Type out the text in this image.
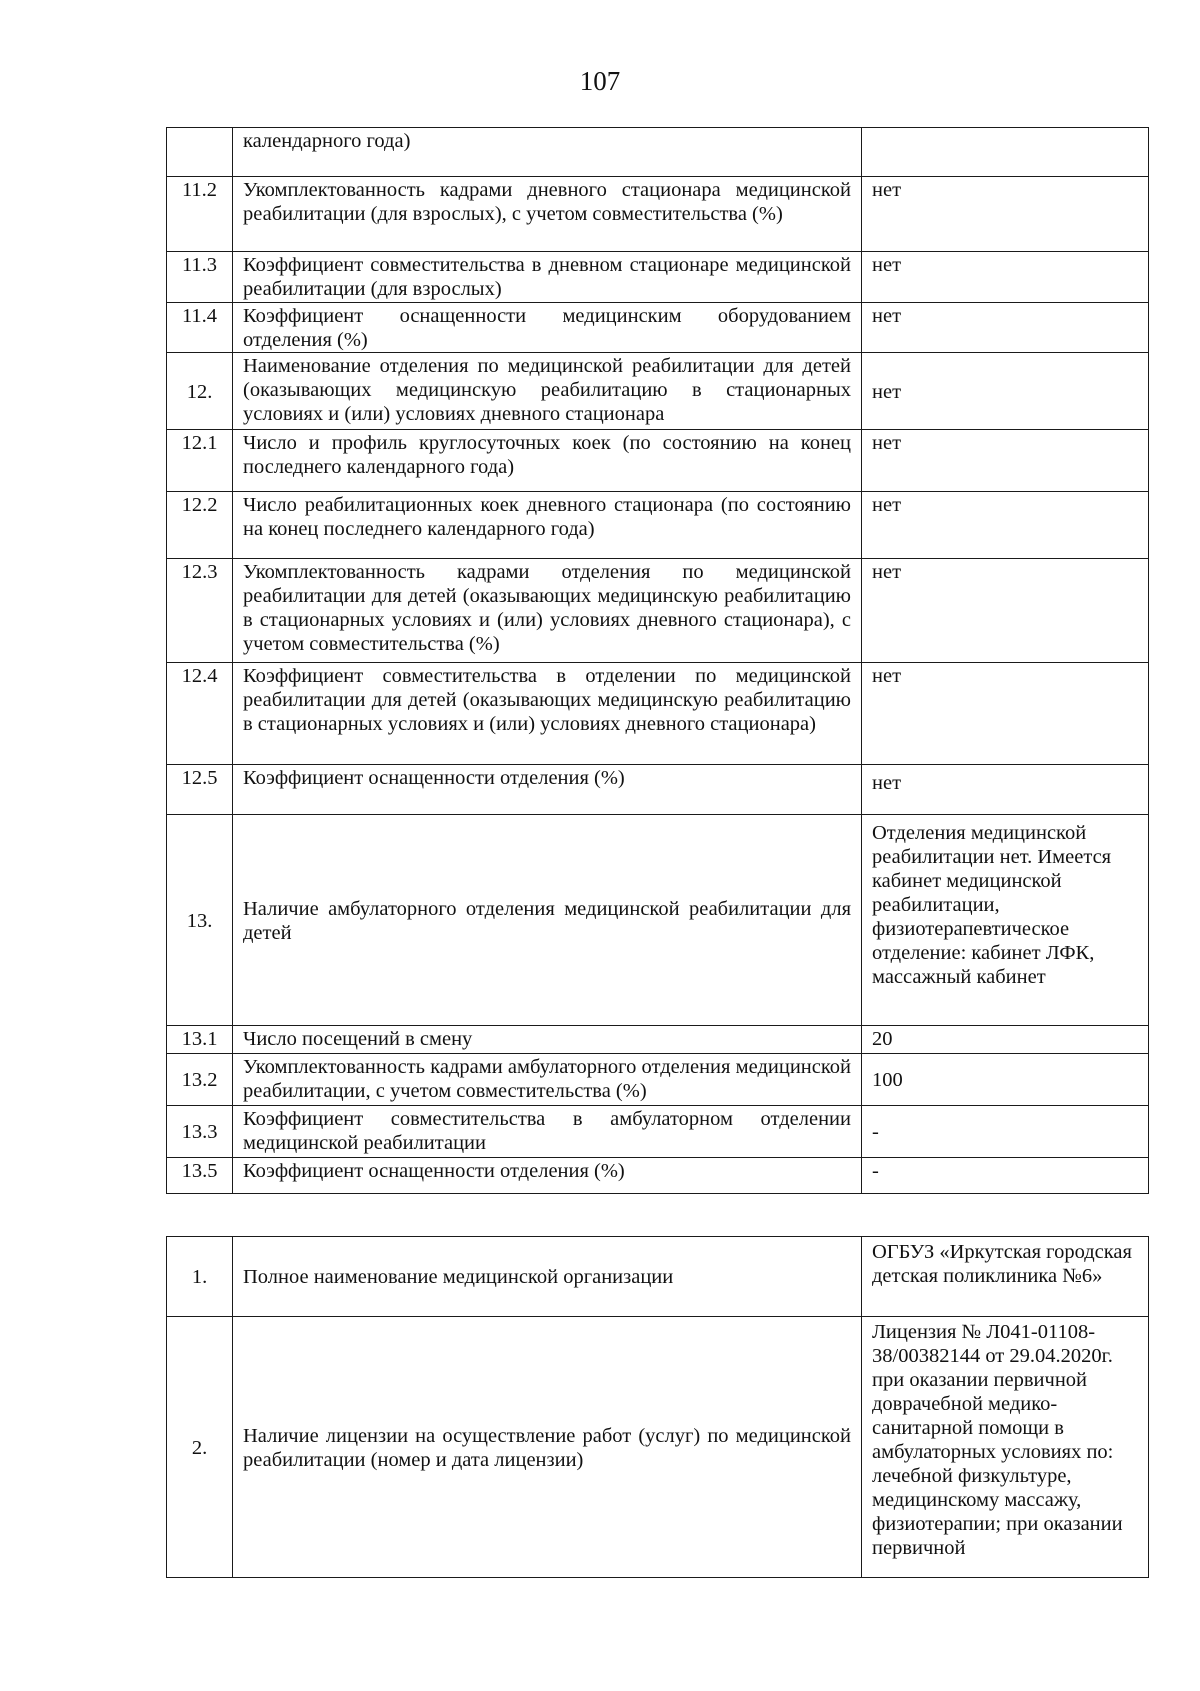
107
	календарного года)	
11.2	Укомплектованность кадрами дневного стационара медицинской реабилитации (для взрослых), с учетом совместительства (%)	нет
11.3	Коэффициент совместительства в дневном стационаре медицинской реабилитации (для взрослых)	нет
11.4	Коэффициент оснащенности медицинским оборудованием отделения (%)	нет
12.	Наименование отделения по медицинской реабилитации для детей (оказывающих медицинскую реабилитацию в стационарных условиях и (или) условиях дневного стационара	нет
12.1	Число и профиль круглосуточных коек (по состоянию на конец последнего календарного года)	нет
12.2	Число реабилитационных коек дневного стационара (по состоянию на конец последнего календарного года)	нет
12.3	Укомплектованность кадрами отделения по медицинской реабилитации для детей (оказывающих медицинскую реабилитацию в стационарных условиях и (или) условиях дневного стационара), с учетом совместительства (%)	нет
12.4	Коэффициент совместительства в отделении по медицинской реабилитации для детей (оказывающих медицинскую реабилитацию в стационарных условиях и (или) условиях дневного стационара)	нет
12.5	Коэффициент оснащенности отделения (%)	нет
13.	Наличие амбулаторного отделения медицинской реабилитации для детей	Отделения медицинской реабилитации нет. Имеется кабинет медицинской реабилитации, физиотерапевтическое отделение: кабинет ЛФК, массажный кабинет
13.1	Число посещений в смену	20
13.2	Укомплектованность кадрами амбулаторного отделения медицинской реабилитации, с учетом совместительства (%)	100
13.3	Коэффициент совместительства в амбулаторном отделении медицинской реабилитации	-
13.5	Коэффициент оснащенности отделения (%)	-
1.	Полное наименование медицинской организации	ОГБУЗ «Иркутская городская детская поликлиника №6»
2.	Наличие лицензии на осуществление работ (услуг) по медицинской реабилитации (номер и дата лицензии)	Лицензия № Л041-01108-38/00382144 от 29.04.2020г. при оказании первичной доврачебной медико-санитарной помощи в амбулаторных условиях по: лечебной физкультуре, медицинскому массажу, физиотерапии; при оказании первичной
